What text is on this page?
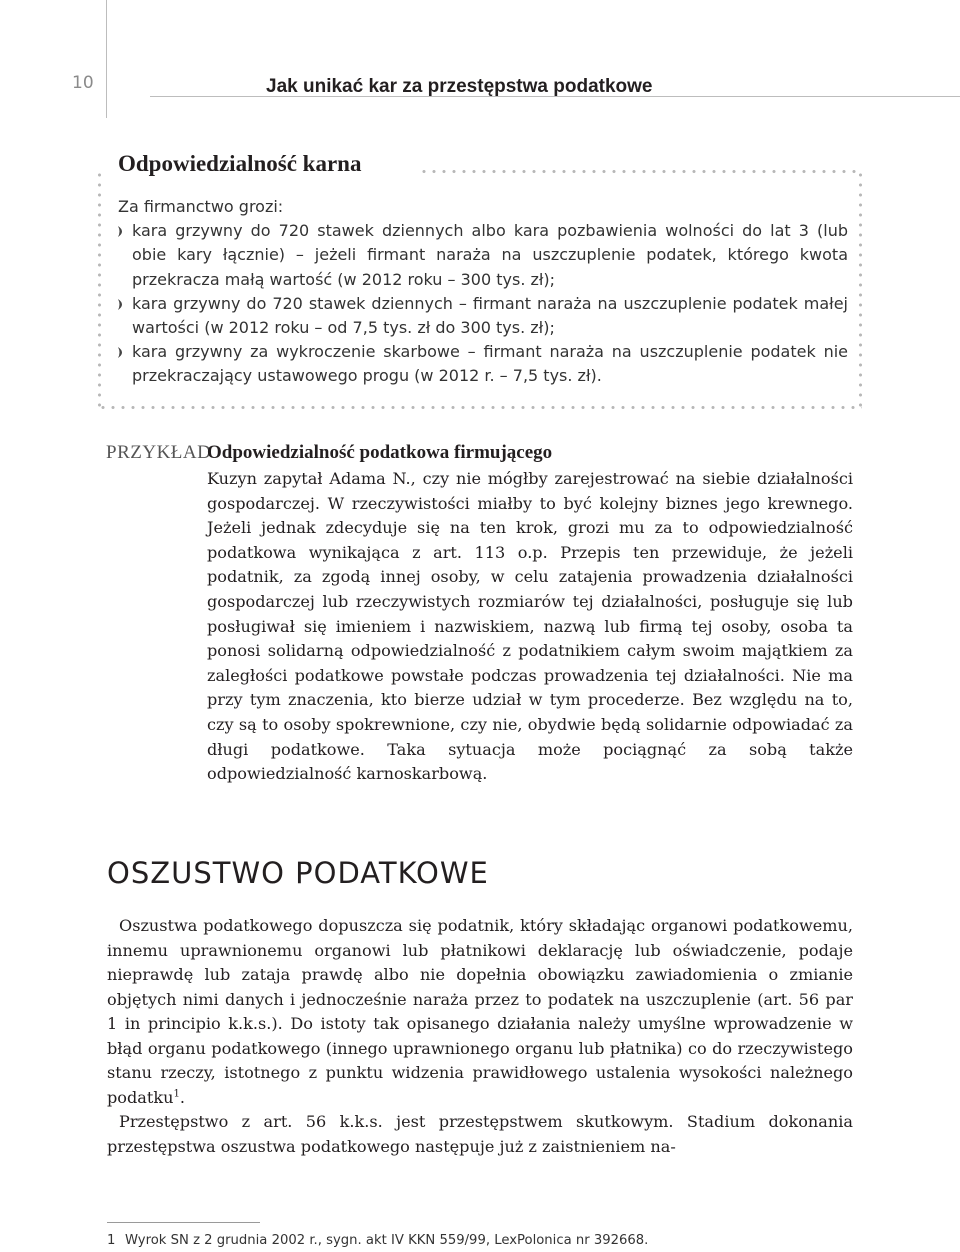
10	Jak unikać kar za przestępstwa podatkowe
Odpowiedzialność karna

Za firmanctwo grozi:

kara grzywny do 720 stawek dziennych albo kara pozbawienia wolności do lat 3 (lub obie kary łącznie) – jeżeli firmant naraża na uszczuplenie podatek, którego kwota przekracza małą wartość (w 2012 roku – 300 tys. zł);
kara grzywny do 720 stawek dziennych – firmant naraża na uszczuplenie podatek małej wartości (w 2012 roku – od 7,5 tys. zł do 300 tys. zł);
kara grzywny za wykroczenie skarbowe – firmant naraża na uszczuplenie podatek nie przekraczający ustawowego progu (w 2012 r. – 7,5 tys. zł).
PRZYKŁAD
Odpowiedzialność podatkowa firmującego

Kuzyn zapytał Adama N., czy nie mógłby zarejestrować na siebie działalności gospodarczej. W rzeczywistości miałby to być kolejny biznes jego krewnego. Jeżeli jednak zdecyduje się na ten krok, grozi mu za to odpowiedzialność podatkowa wynikająca z art. 113 o.p. Przepis ten przewiduje, że jeżeli podatnik, za zgodą innej osoby, w celu zatajenia prowadzenia działalności gospodarczej lub rzeczywistych rozmiarów tej działalności, posługuje się lub posługiwał się imieniem i nazwiskiem, nazwą lub firmą tej osoby, osoba ta ponosi solidarną odpowiedzialność z podatnikiem całym swoim majątkiem za zaległości podatkowe powstałe podczas prowadzenia tej działalności. Nie ma przy tym znaczenia, kto bierze udział w tym procederze. Bez względu na to, czy są to osoby spokrewnione, czy nie, obydwie będą solidarnie odpowiadać za długi podatkowe. Taka sytuacja może pociągnąć za sobą także odpowiedzialność karnoskarbową.

OSZUSTWO PODATKOWE

Oszustwa podatkowego dopuszcza się podatnik, który składając organowi podatkowemu, innemu uprawnionemu organowi lub płatnikowi deklarację lub oświadczenie, podaje nieprawdę lub zataja prawdę albo nie dopełnia obowiązku zawiadomienia o zmianie objętych nimi danych i jednocześnie naraża przez to podatek na uszczuplenie (art. 56 par 1 in principio k.k.s.). Do istoty tak opisanego działania należy umyślne wprowadzenie w błąd organu podatkowego (innego uprawnionego organu lub płatnika) co do rzeczywistego stanu rzeczy, istotnego z punktu widzenia prawidłowego ustalenia wysokości należnego podatku$^1$.

Przestępstwo z art. 56 k.k.s. jest przestępstwem skutkowym. Stadium dokonania przestępstwa oszustwa podatkowego następuje już z zaistnieniem na-

1 Wyrok SN z 2 grudnia 2002 r., sygn. akt IV KKN 559/99, LexPolonica nr 392668.
